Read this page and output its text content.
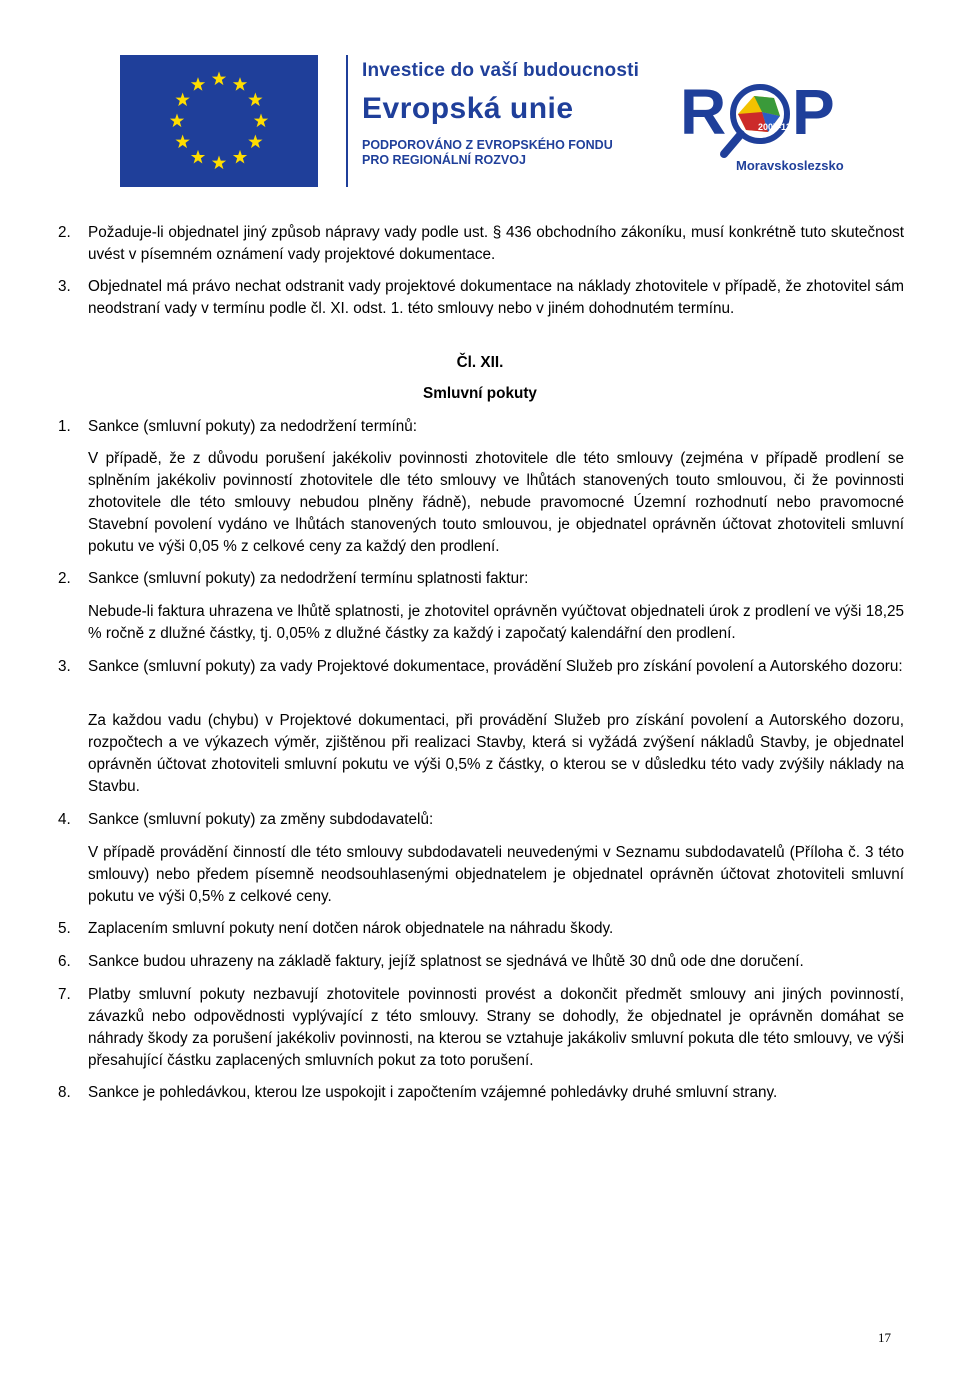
Investice do vaší budoucnosti
Evropská unie
PODPOROVÁNO Z EVROPSKÉHO FONDU
PRO REGIONÁLNÍ ROZVOJ
R P
2007-13
Moravskoslezsko
2. Požaduje-li objednatel jiný způsob nápravy vady podle ust. § 436 obchodního zákoníku, musí konkrétně tuto skutečnost uvést v písemném oznámení vady projektové dokumentace.
3. Objednatel má právo nechat odstranit vady projektové dokumentace na náklady zhotovitele v případě, že zhotovitel sám neodstraní vady v termínu podle čl. XI. odst. 1. této smlouvy nebo v jiném dohodnutém termínu.
Čl. XII.
Smluvní pokuty
1. Sankce (smluvní pokuty) za nedodržení termínů:
V případě, že z důvodu porušení jakékoliv povinnosti zhotovitele dle této smlouvy (zejména v případě prodlení se splněním jakékoliv povinností zhotovitele dle této smlouvy ve lhůtách stanovených touto smlouvou, či že povinnosti zhotovitele dle této smlouvy nebudou plněny řádně), nebude pravomocné Územní rozhodnutí nebo pravomocné Stavební povolení vydáno ve lhůtách stanovených touto smlouvou, je objednatel oprávněn účtovat zhotoviteli smluvní pokutu ve výši 0,05 % z celkové ceny za každý den prodlení.
2. Sankce (smluvní pokuty) za nedodržení termínu splatnosti faktur:
Nebude-li faktura uhrazena ve lhůtě splatnosti, je zhotovitel oprávněn vyúčtovat objednateli úrok z prodlení ve výši 18,25 % ročně z dlužné částky, tj. 0,05% z dlužné částky za každý i započatý kalendářní den prodlení.
3. Sankce (smluvní pokuty) za vady Projektové dokumentace, provádění Služeb pro získání povolení a Autorského dozoru:
Za každou vadu (chybu) v Projektové dokumentaci, při provádění Služeb pro získání povolení a Autorského dozoru, rozpočtech a ve výkazech výměr, zjištěnou při realizaci Stavby, která si vyžádá zvýšení nákladů Stavby, je objednatel oprávněn účtovat zhotoviteli smluvní pokutu ve výši 0,5% z částky, o kterou se v důsledku této vady zvýšily náklady na Stavbu.
4. Sankce (smluvní pokuty) za změny subdodavatelů:
V případě provádění činností dle této smlouvy subdodavateli neuvedenými v Seznamu subdodavatelů (Příloha č. 3 této smlouvy) nebo předem písemně neodsouhlasenými objednatelem je objednatel oprávněn účtovat zhotoviteli smluvní pokutu ve výši 0,5% z celkové ceny.
5. Zaplacením smluvní pokuty není dotčen nárok objednatele na náhradu škody.
6. Sankce budou uhrazeny na základě faktury, jejíž splatnost se sjednává ve lhůtě 30 dnů ode dne doručení.
7. Platby smluvní pokuty nezbavují zhotovitele povinnosti provést a dokončit předmět smlouvy ani jiných povinností, závazků nebo odpovědnosti vyplývající z této smlouvy. Strany se dohodly, že objednatel je oprávněn domáhat se náhrady škody za porušení jakékoliv povinnosti, na kterou se vztahuje jakákoliv smluvní pokuta dle této smlouvy, ve výši přesahující částku zaplacených smluvních pokut za toto porušení.
8. Sankce je pohledávkou, kterou lze uspokojit i započtením vzájemné pohledávky druhé smluvní strany.
17
